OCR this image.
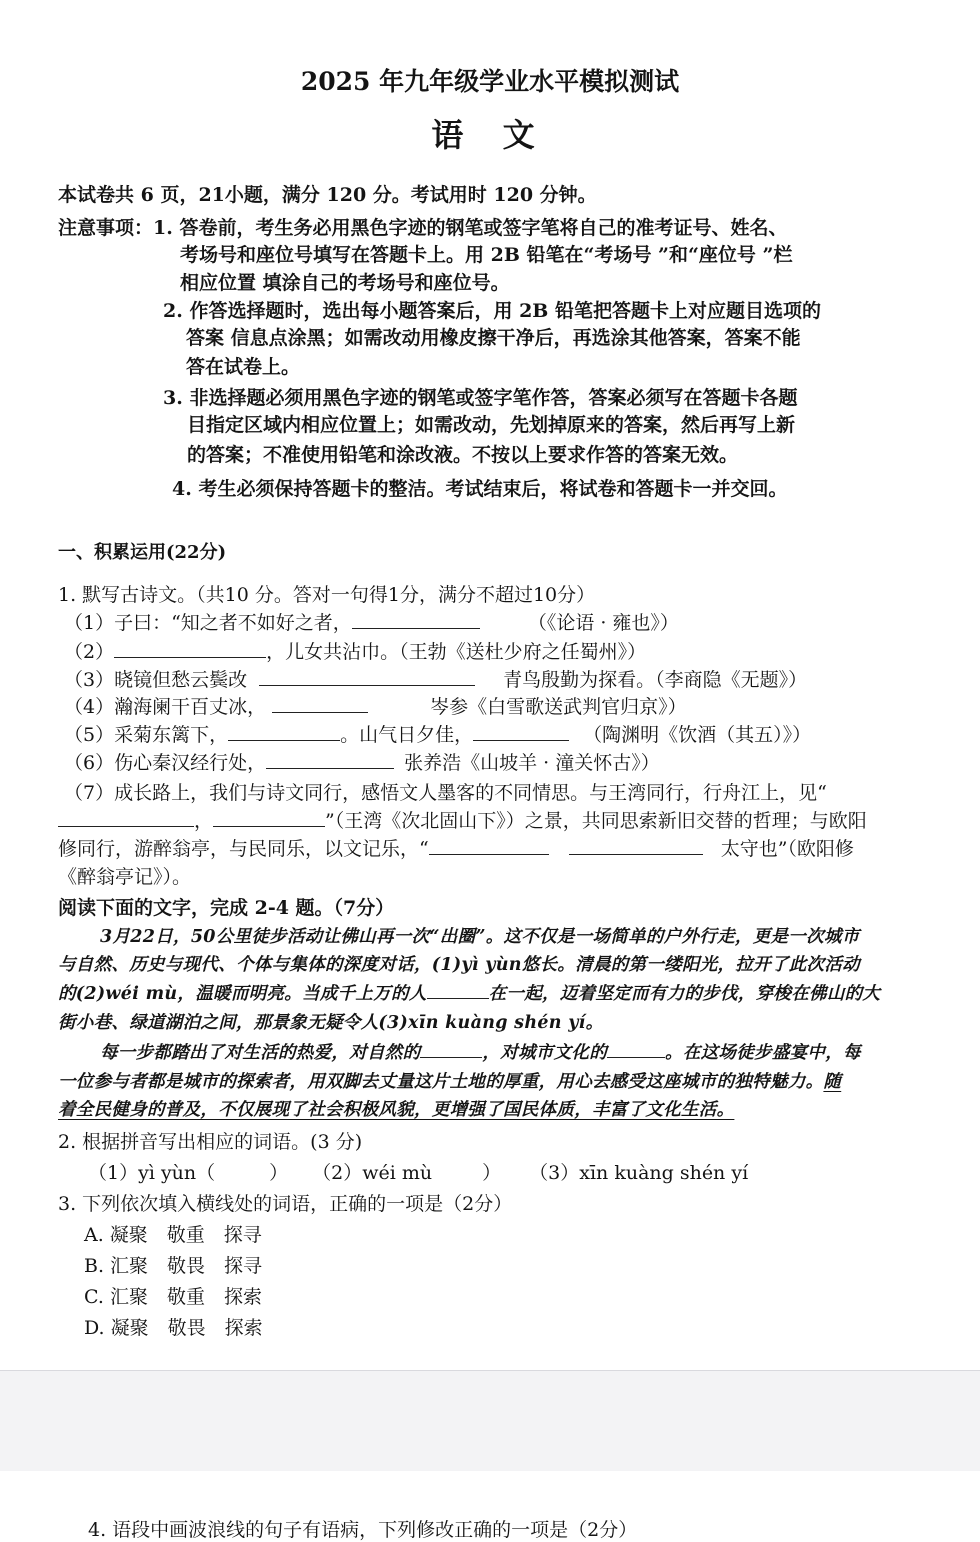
2025 年九年级学业水平模拟测试
语 文
本试卷共 6 页，21小题，满分 120 分。考试用时 120 分钟。
注意事项：1. 答卷前，考生务必用黑色字迹的钢笔或签字笔将自己的准考证号、姓名、
考场号和座位号填写在答题卡上。用 2B 铅笔在“考场号 ”和“座位号 ”栏
相应位置 填涂自己的考场号和座位号。
2. 作答选择题时，选出每小题答案后，用 2B 铅笔把答题卡上对应题目选项的
答案 信息点涂黑；如需改动用橡皮擦干净后，再选涂其他答案，答案不能
答在试卷上。
3. 非选择题必须用黑色字迹的钢笔或签字笔作答，答案必须写在答题卡各题
目指定区域内相应位置上；如需改动，先划掉原来的答案，然后再写上新
的答案；不准使用铅笔和涂改液。不按以上要求作答的答案无效。
4. 考生必须保持答题卡的整洁。考试结束后，将试卷和答题卡一并交回。
一、积累运用(22分)
1. 默写古诗文。（共10 分。答对一句得1分，满分不超过10分）
（1）子曰：“知之者不如好之者，	（《论语 · 雍也》）
（2）	，儿女共沾巾。（王勃《送杜少府之任蜀州》）
（3）晓镜但愁云鬓改	青鸟殷勤为探看。（李商隐《无题》）
（4）瀚海阑干百丈冰，	岑参《白雪歌送武判官归京》）
（5）采菊东篱下，	。山气日夕佳，	（陶渊明《饮酒（其五）》）
（6）伤心秦汉经行处，	张养浩《山坡羊 · 潼关怀古》）
（7）成长路上，我们与诗文同行，感悟文人墨客的不同情思。与王湾同行，行舟江上，见“
，	”（王湾《次北固山下》）之景，共同思索新旧交替的哲理；与欧阳
修同行，游醉翁亭，与民同乐，以文记乐，“	太守也”（欧阳修
《醉翁亭记》）。
阅读下面的文字，完成 2-4 题。（7分）
3月22日，50公里徒步活动让佛山再一次“出圈”。这不仅是一场简单的户外行走，更是一次城市
与自然、历史与现代、个体与集体的深度对话，(1)yì yùn悠长。清晨的第一缕阳光，拉开了此次活动
的(2)wéi mù，温暖而明亮。当成千上万的人	在一起，迈着坚定而有力的步伐，穿梭在佛山的大
街小巷、绿道湖泊之间，那景象无疑令人(3)xīn kuàng shén yí。
每一步都踏出了对生活的热爱，对自然的	，对城市文化的	。在这场徒步盛宴中，每
一位参与者都是城市的探索者，用双脚去丈量这片土地的厚重，用心去感受这座城市的独特魅力。随
着全民健身的普及，不仅展现了社会积极风貌，更增强了国民体质，丰富了文化生活。
2. 根据拼音写出相应的词语。(3 分)
（1）yì yùn（	） （2）wéi mù	） （3）xīn kuàng shén yí
3. 下列依次填入横线处的词语，正确的一项是（2分）
A. 凝聚　敬重　探寻
B. 汇聚　敬畏　探寻
C. 汇聚　敬重　探索
D. 凝聚　敬畏　探索
4. 语段中画波浪线的句子有语病，下列修改正确的一项是（2分）
